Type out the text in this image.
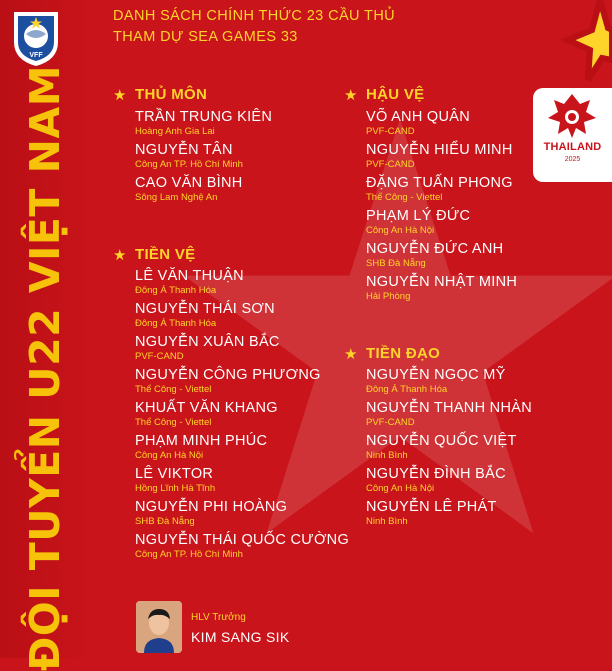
VFF
ĐỘI TUYỂN U22 VIỆT NAM
DANH SÁCH CHÍNH THỨC 23 CẦU THỦ
THAM DỰ SEA GAMES 33
THAILAND
2025
★ THỦ MÔN
TRẦN TRUNG KIÊN
Hoàng Anh Gia Lai
NGUYỄN TÂN
Công An TP. Hồ Chí Minh
CAO VĂN BÌNH
Sông Lam Nghệ An
★ TIỀN VỆ
LÊ VĂN THUẬN
Đông Á Thanh Hóa
NGUYỄN THÁI SƠN
Đông Á Thanh Hóa
NGUYỄN XUÂN BẮC
PVF-CAND
NGUYỄN CÔNG PHƯƠNG
Thể Công - Viettel
KHUẤT VĂN KHANG
Thể Công - Viettel
PHẠM MINH PHÚC
Công An Hà Nội
LÊ VIKTOR
Hồng Lĩnh Hà Tĩnh
NGUYỄN PHI HOÀNG
SHB Đà Nẵng
NGUYỄN THÁI QUỐC CƯỜNG
Công An TP. Hồ Chí Minh
★ HẬU VỆ
VÕ ANH QUÂN
PVF-CAND
NGUYỄN HIỂU MINH
PVF-CAND
ĐẶNG TUẤN PHONG
Thể Công - Viettel
PHẠM LÝ ĐỨC
Công An Hà Nội
NGUYỄN ĐỨC ANH
SHB Đà Nẵng
NGUYỄN NHẬT MINH
Hải Phòng
★ TIỀN ĐẠO
NGUYỄN NGỌC MỸ
Đông Á Thanh Hóa
NGUYỄN THANH NHÀN
PVF-CAND
NGUYỄN QUỐC VIỆT
Ninh Bình
NGUYỄN ĐÌNH BẮC
Công An Hà Nội
NGUYỄN LÊ PHÁT
Ninh Bình
HLV Trưởng
KIM SANG SIK
